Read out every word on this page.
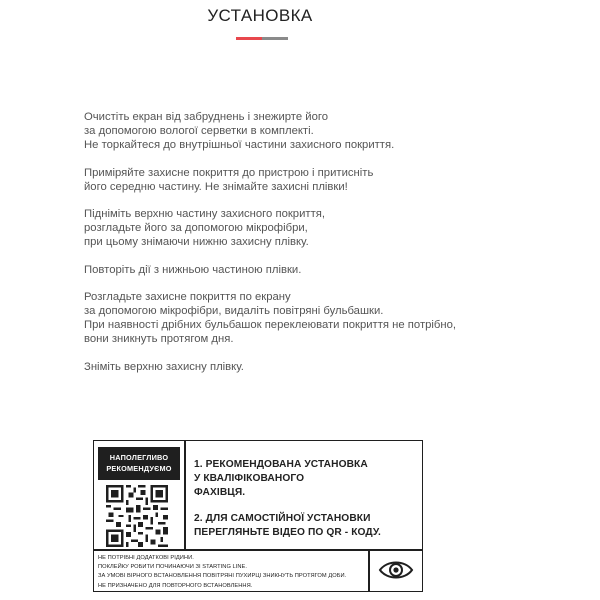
УСТАНОВКА

Очистіть екран від забруднень і знежирте його
за допомогою вологої серветки в комплекті.
Не торкайтеся до внутрішньої частини захисного покриття.

Приміряйте захисне покриття до пристрою і притисніть
його середню частину. Не знімайте захисні плівки!

Підніміть верхню частину захисного покриття,
розгладьте його за допомогою мікрофібри,
при цьому знімаючи нижню захисну плівку.

Повторіть дії з нижньою частиною плівки.

Розгладьте захисне покриття по екрану
за допомогою мікрофібри, видаліть повітряні бульбашки.
При наявності дрібних бульбашок переклеювати покриття не потрібно,
вони зникнуть протягом дня.

Зніміть верхню захисну плівку.

НАПОЛЕГЛИВО
РЕКОМЕНДУЄМО	1. РЕКОМЕНДОВАНА УСТАНОВКА
У КВАЛІФІКОВАНОГО
ФАХІВЦЯ.
2. ДЛЯ САМОСТІЙНОЇ УСТАНОВКИ
ПЕРЕГЛЯНЬТЕ ВІДЕО ПО QR - КОДУ.
НЕ ПОТРІБНІ ДОДАТКОВІ РІДИНИ.
ПОКЛЕЙКУ РОБИТИ ПОЧИНАЮЧИ ЗІ STARTING LINE.
ЗА УМОВІ ВІРНОГО ВСТАНОВЛЕННЯ ПОВІТРЯНІ ПУХИРЦІ ЗНИКНУТЬ ПРОТЯГОМ ДОБИ.
НЕ ПРИЗНАЧЕНО ДЛЯ ПОВТОРНОГО ВСТАНОВЛЕННЯ.
